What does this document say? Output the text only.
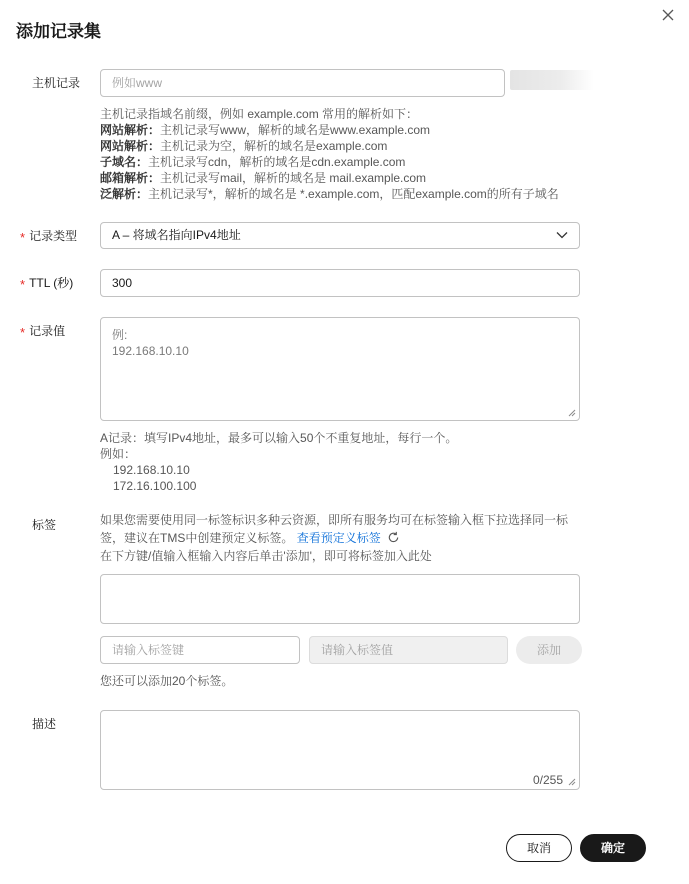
添加记录集
主机记录	例如www
主机记录指域名前缀，例如 example.com 常用的解析如下：
网站解析：主机记录写www，解析的域名是www.example.com
网站解析：主机记录为空，解析的域名是example.com
子域名：主机记录写cdn，解析的域名是cdn.example.com
邮箱解析：主机记录写mail，解析的域名是 mail.example.com
泛解析：主机记录写*，解析的域名是 *.example.com，匹配example.com的所有子域名
* 记录类型	A – 将域名指向IPv4地址
* TTL (秒)	300
* 记录值	例:
192.168.10.10
A记录：填写IPv4地址，最多可以输入50个不重复地址，每行一个。
例如：
192.168.10.10
172.16.100.100
标签	如果您需要使用同一标签标识多种云资源，即所有服务均可在标签输入框下拉选择同一标
签，建议在TMS中创建预定义标签。 查看预定义标签
在下方键/值输入框输入内容后单击'添加'，即可将标签加入此处
请输入标签键	请输入标签值	添加
您还可以添加20个标签。
描述
0/255
取消	确定
